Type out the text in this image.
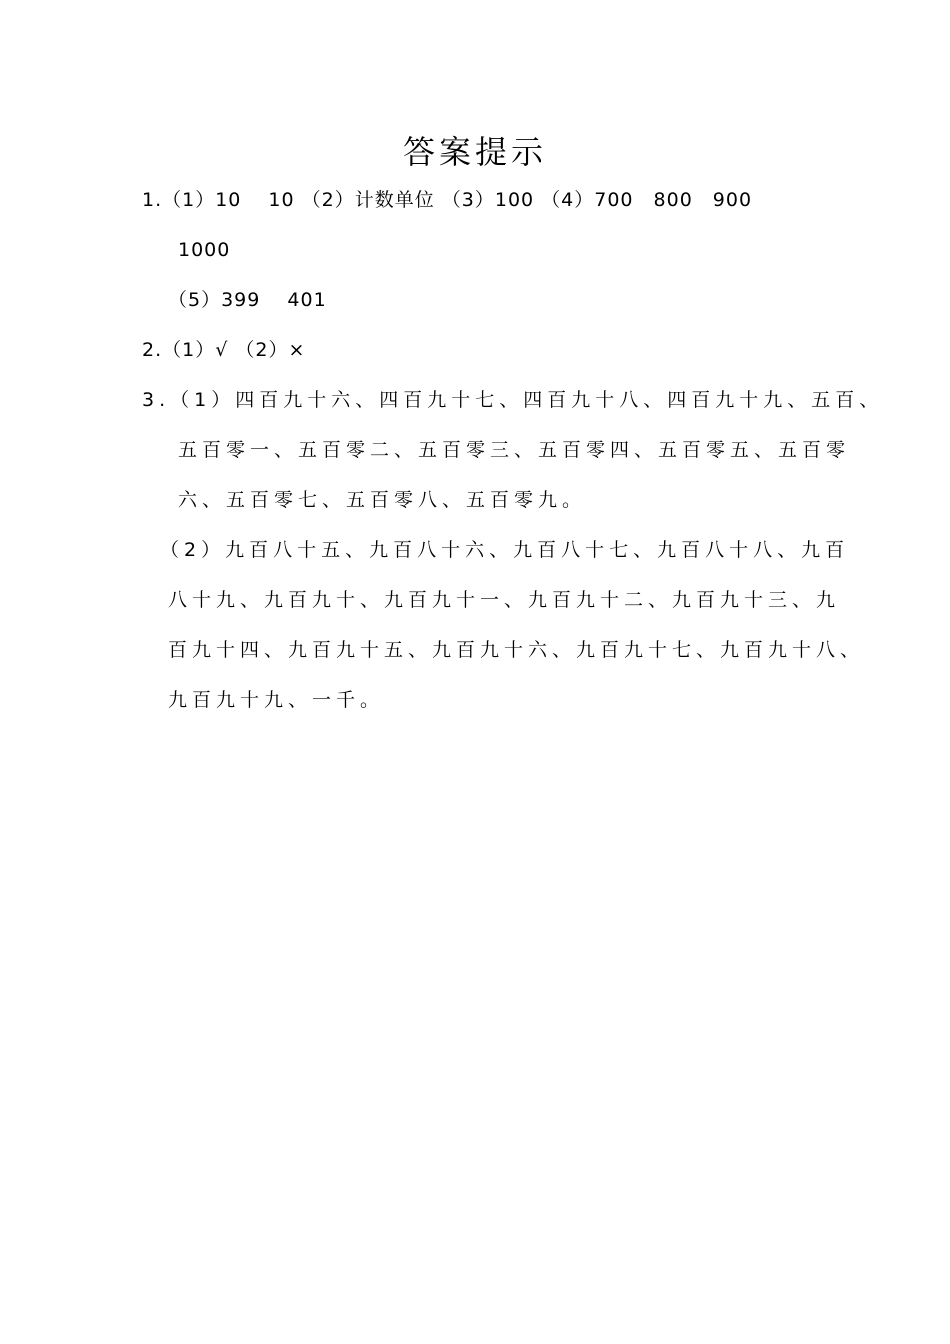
答案提示
1.（1）10　 10 （2）计数单位 （3）100 （4）700　800　900
1000
（5）399　 401
2.（1）√ （2）×
3.（1）四百九十六、四百九十七、四百九十八、四百九十九、五百、
五百零一、五百零二、五百零三、五百零四、五百零五、五百零
六、五百零七、五百零八、五百零九。
（2）九百八十五、九百八十六、九百八十七、九百八十八、九百
八十九、九百九十、九百九十一、九百九十二、九百九十三、九
百九十四、九百九十五、九百九十六、九百九十七、九百九十八、
九百九十九、一千。
